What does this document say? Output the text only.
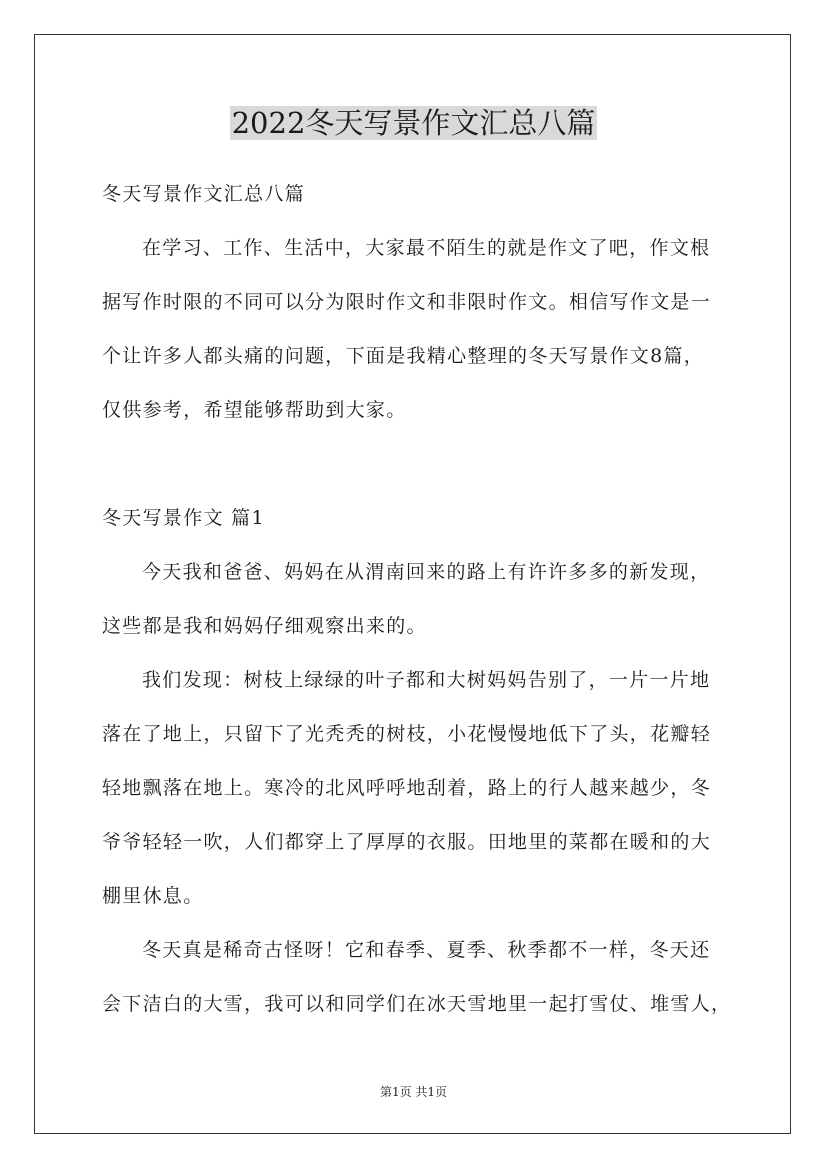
2022冬天写景作文汇总八篇
冬天写景作文汇总八篇
在学习、工作、生活中，大家最不陌生的就是作文了吧，作文根
据写作时限的不同可以分为限时作文和非限时作文。相信写作文是一
个让许多人都头痛的问题，下面是我精心整理的冬天写景作文8篇，
仅供参考，希望能够帮助到大家。
冬天写景作文 篇1
今天我和爸爸、妈妈在从渭南回来的路上有许许多多的新发现，
这些都是我和妈妈仔细观察出来的。
我们发现：树枝上绿绿的叶子都和大树妈妈告别了，一片一片地
落在了地上，只留下了光秃秃的树枝，小花慢慢地低下了头，花瓣轻
轻地飘落在地上。寒冷的北风呼呼地刮着，路上的行人越来越少，冬
爷爷轻轻一吹，人们都穿上了厚厚的衣服。田地里的菜都在暖和的大
棚里休息。
冬天真是稀奇古怪呀！它和春季、夏季、秋季都不一样，冬天还
会下洁白的大雪，我可以和同学们在冰天雪地里一起打雪仗、堆雪人，
第1页 共1页
